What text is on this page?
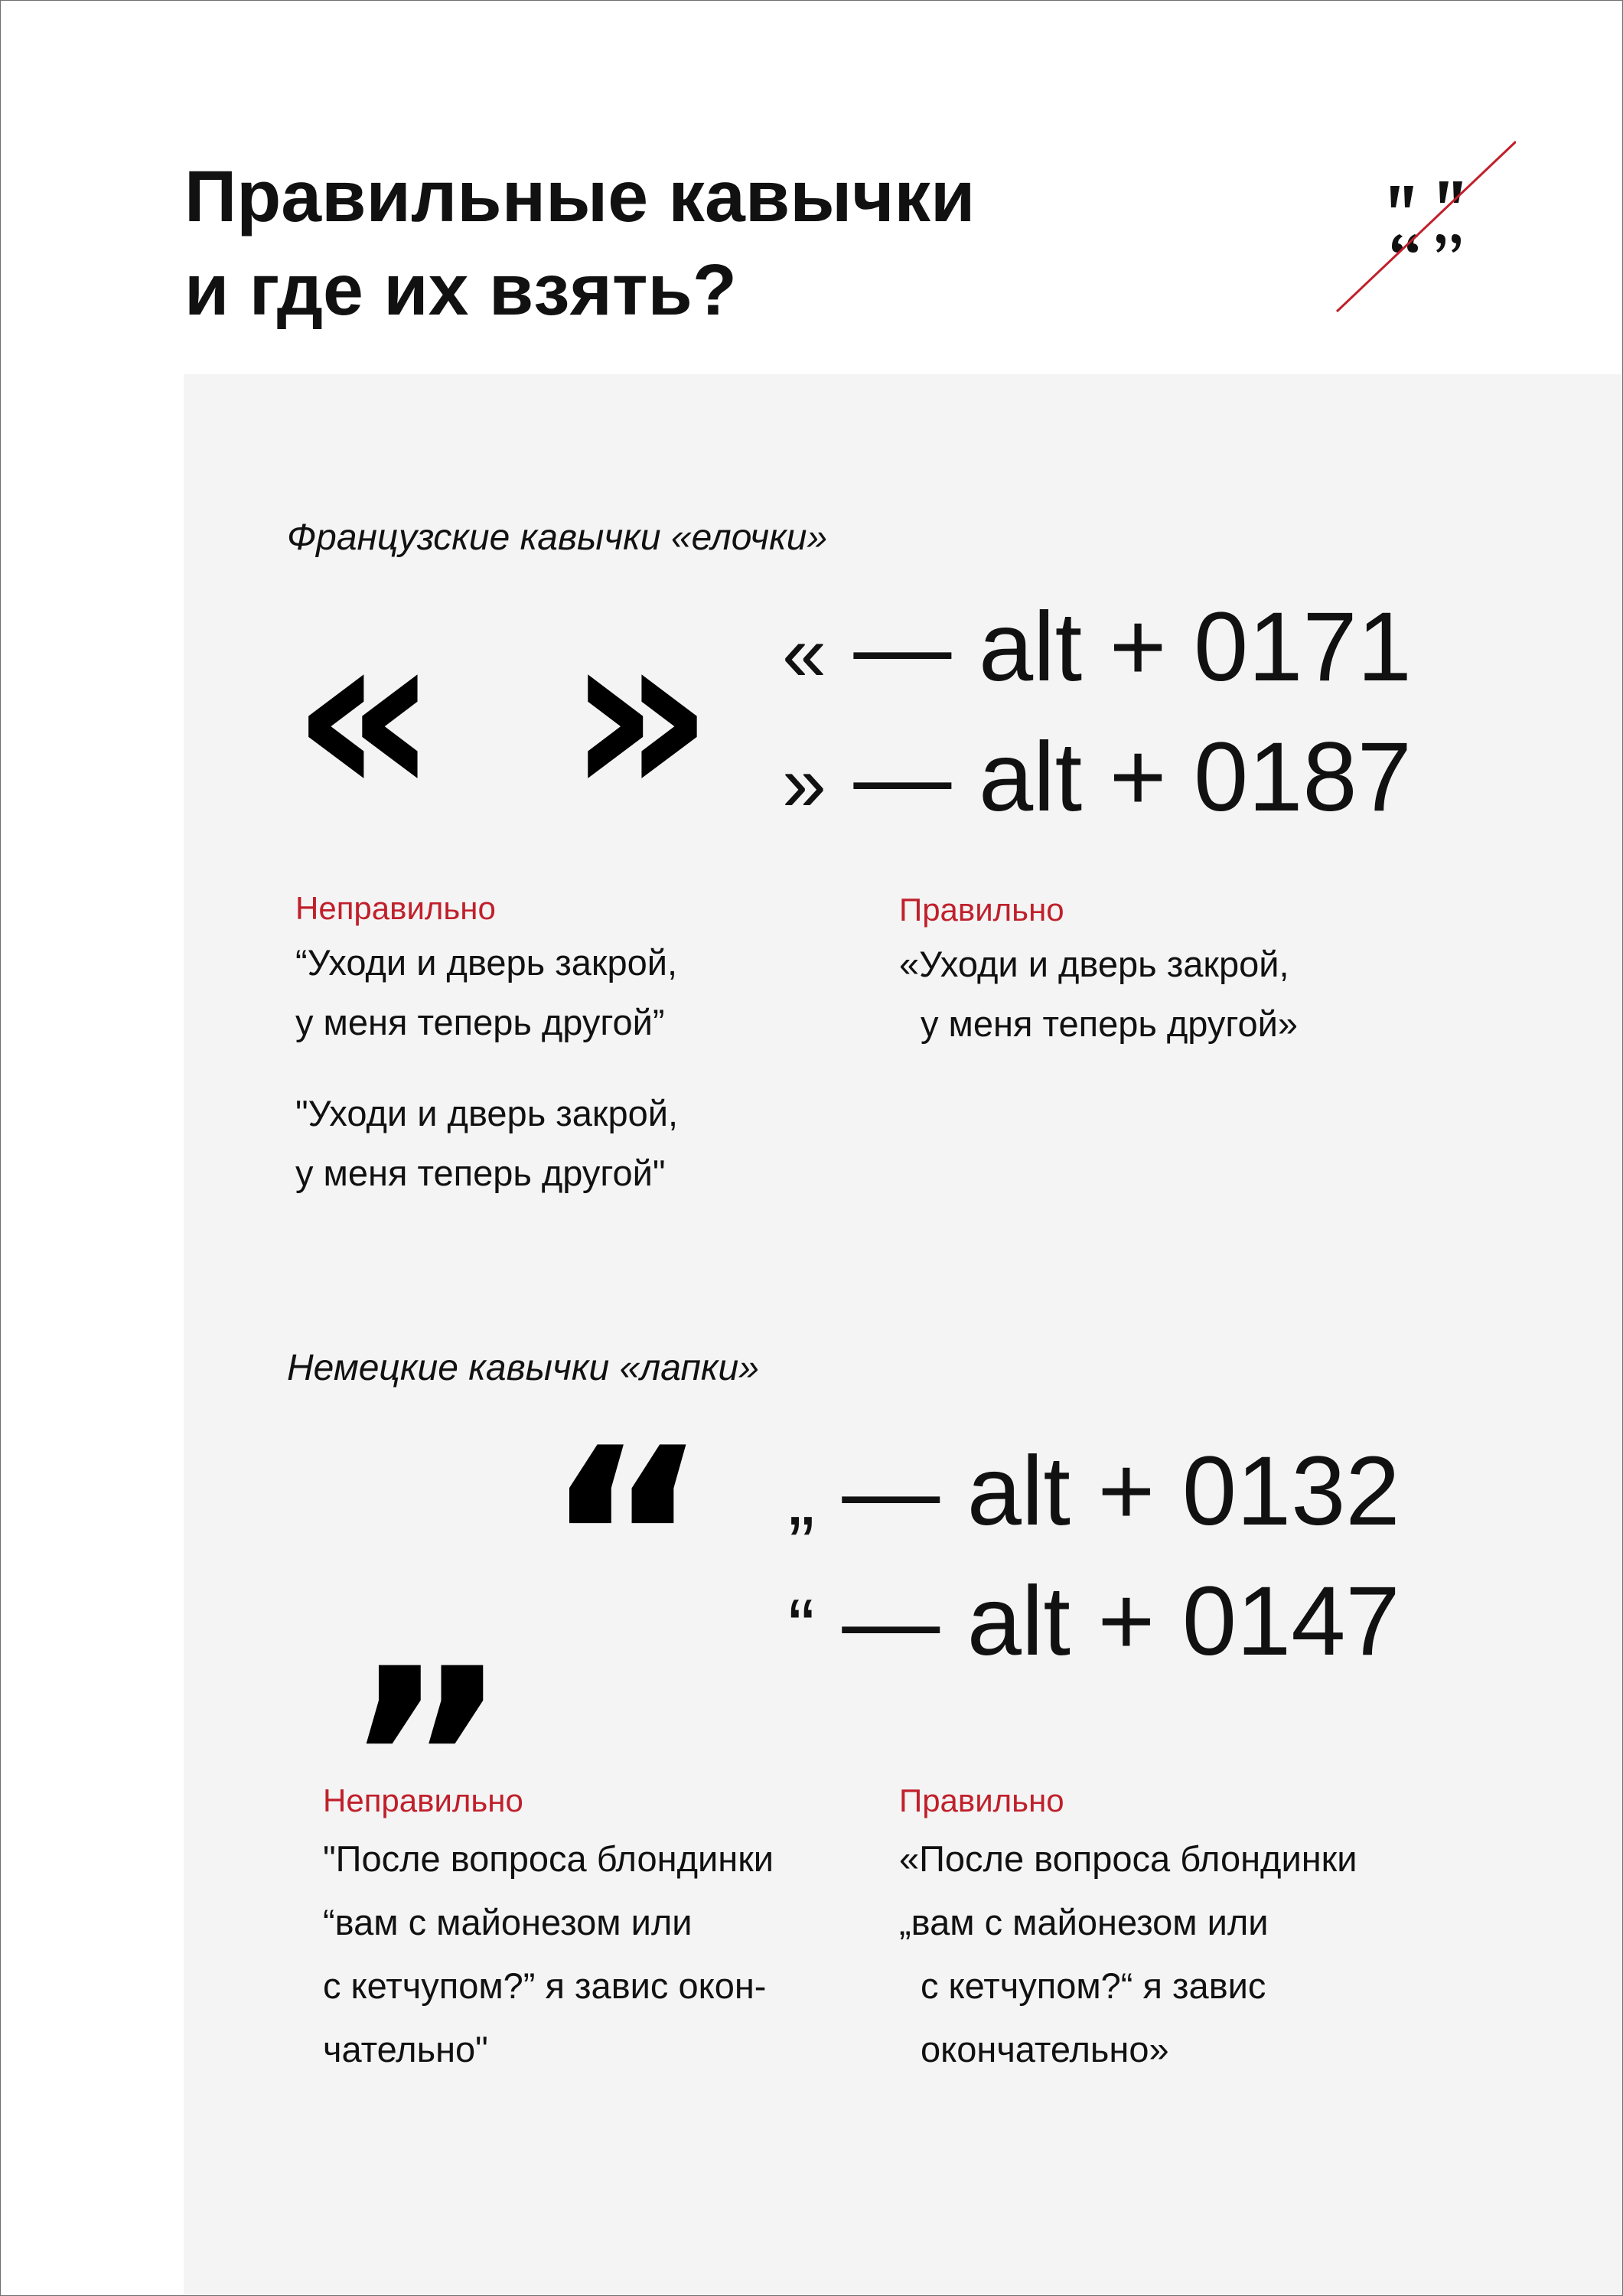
Правильные кавычки
и где их взять?
Французские кавычки «елочки»
« » « — alt + 0171
» — alt + 0187
Неправильно
“Уходи и дверь закрой,
у меня теперь другой”
"Уходи и дверь закрой,
у меня теперь другой"
Правильно
«Уходи и дверь закрой,
у меня теперь другой»
Немецкие кавычки «лапки»
“
„	„ — alt + 0132
“ — alt + 0147
Неправильно
"После вопроса блондинки
“вам с майонезом или
с кетчупом?” я завис окон-
чательно"
Правильно
«После вопроса блондинки
„вам с майонезом или
с кетчупом?“ я завис
окончательно»
